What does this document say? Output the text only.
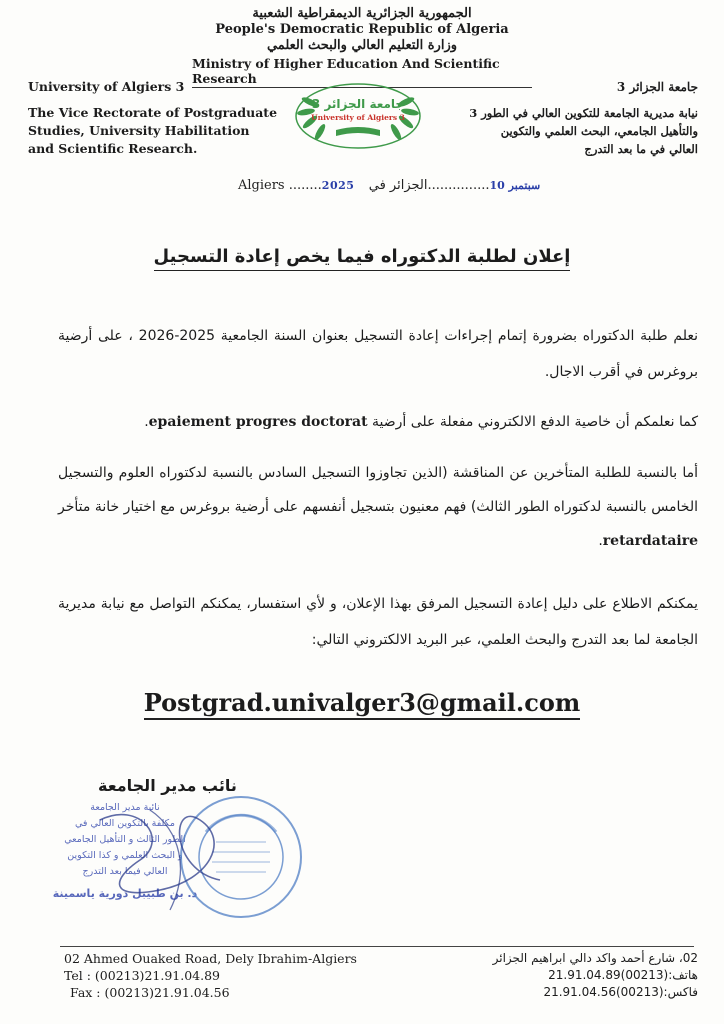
الجمهورية الجزائرية الديمقراطية الشعبية
People's Democratic Republic of Algeria
وزارة التعليم العالي والبحث العلمي
Ministry of Higher Education And Scientific Research
University of Algiers 3
The Vice Rectorate of Postgraduate Studies, University Habilitation and Scientific Research.
جامعة الجزائر 3
University of Algiers 3
جامعة الجزائر 3
نيابة مديرية الجامعة للتكوين العالي في الطور 3 والتأهيل الجامعي، البحث العلمي والتكوين العالي في ما بعد التدرج
Algiers ........2025 سبتمبر 10...............الجزائر في
إعلان لطلبة الدكتوراه فيما يخص إعادة التسجيل
نعلم طلبة الدكتوراه بضرورة إتمام إجراءات إعادة التسجيل بعنوان السنة الجامعية 2025-2026 ، على أرضية بروغرس في أقرب الاجال.
كما نعلمكم أن خاصية الدفع الالكتروني مفعلة على أرضية epaiement progres doctorat.
أما بالنسبة للطلبة المتأخرين عن المناقشة (الذين تجاوزوا التسجيل السادس بالنسبة لدكتوراه العلوم والتسجيل الخامس بالنسبة لدكتوراه الطور الثالث) فهم معنيون بتسجيل أنفسهم على أرضية بروغرس مع اختيار خانة متأخر retardataire.
يمكنكم الاطلاع على دليل إعادة التسجيل المرفق بهذا الإعلان، و لأي استفسار، يمكنكم التواصل مع نيابة مديرية الجامعة لما بعد التدرج والبحث العلمي، عبر البريد الالكتروني التالي:
Postgrad.univalger3@gmail.com
نائب مدير الجامعة
نائبة مدير الجامعة
مكلفة بالتكوين العالي في
الطور الثالث و التأهيل الجامعي
و البحث العلمي و كذا التكوين
العالي فيما بعد التدرج
د. بن طبيبل دورية ياسمينة
02 Ahmed Ouaked Road, Dely Ibrahim-Algiers
Tel : (00213)21.91.04.89
Fax : (00213)21.91.04.56
02، شارع أحمد واكد دالي ابراهيم الجزائر
هاتف:(00213)21.91.04.89
فاكس:(00213)21.91.04.56
